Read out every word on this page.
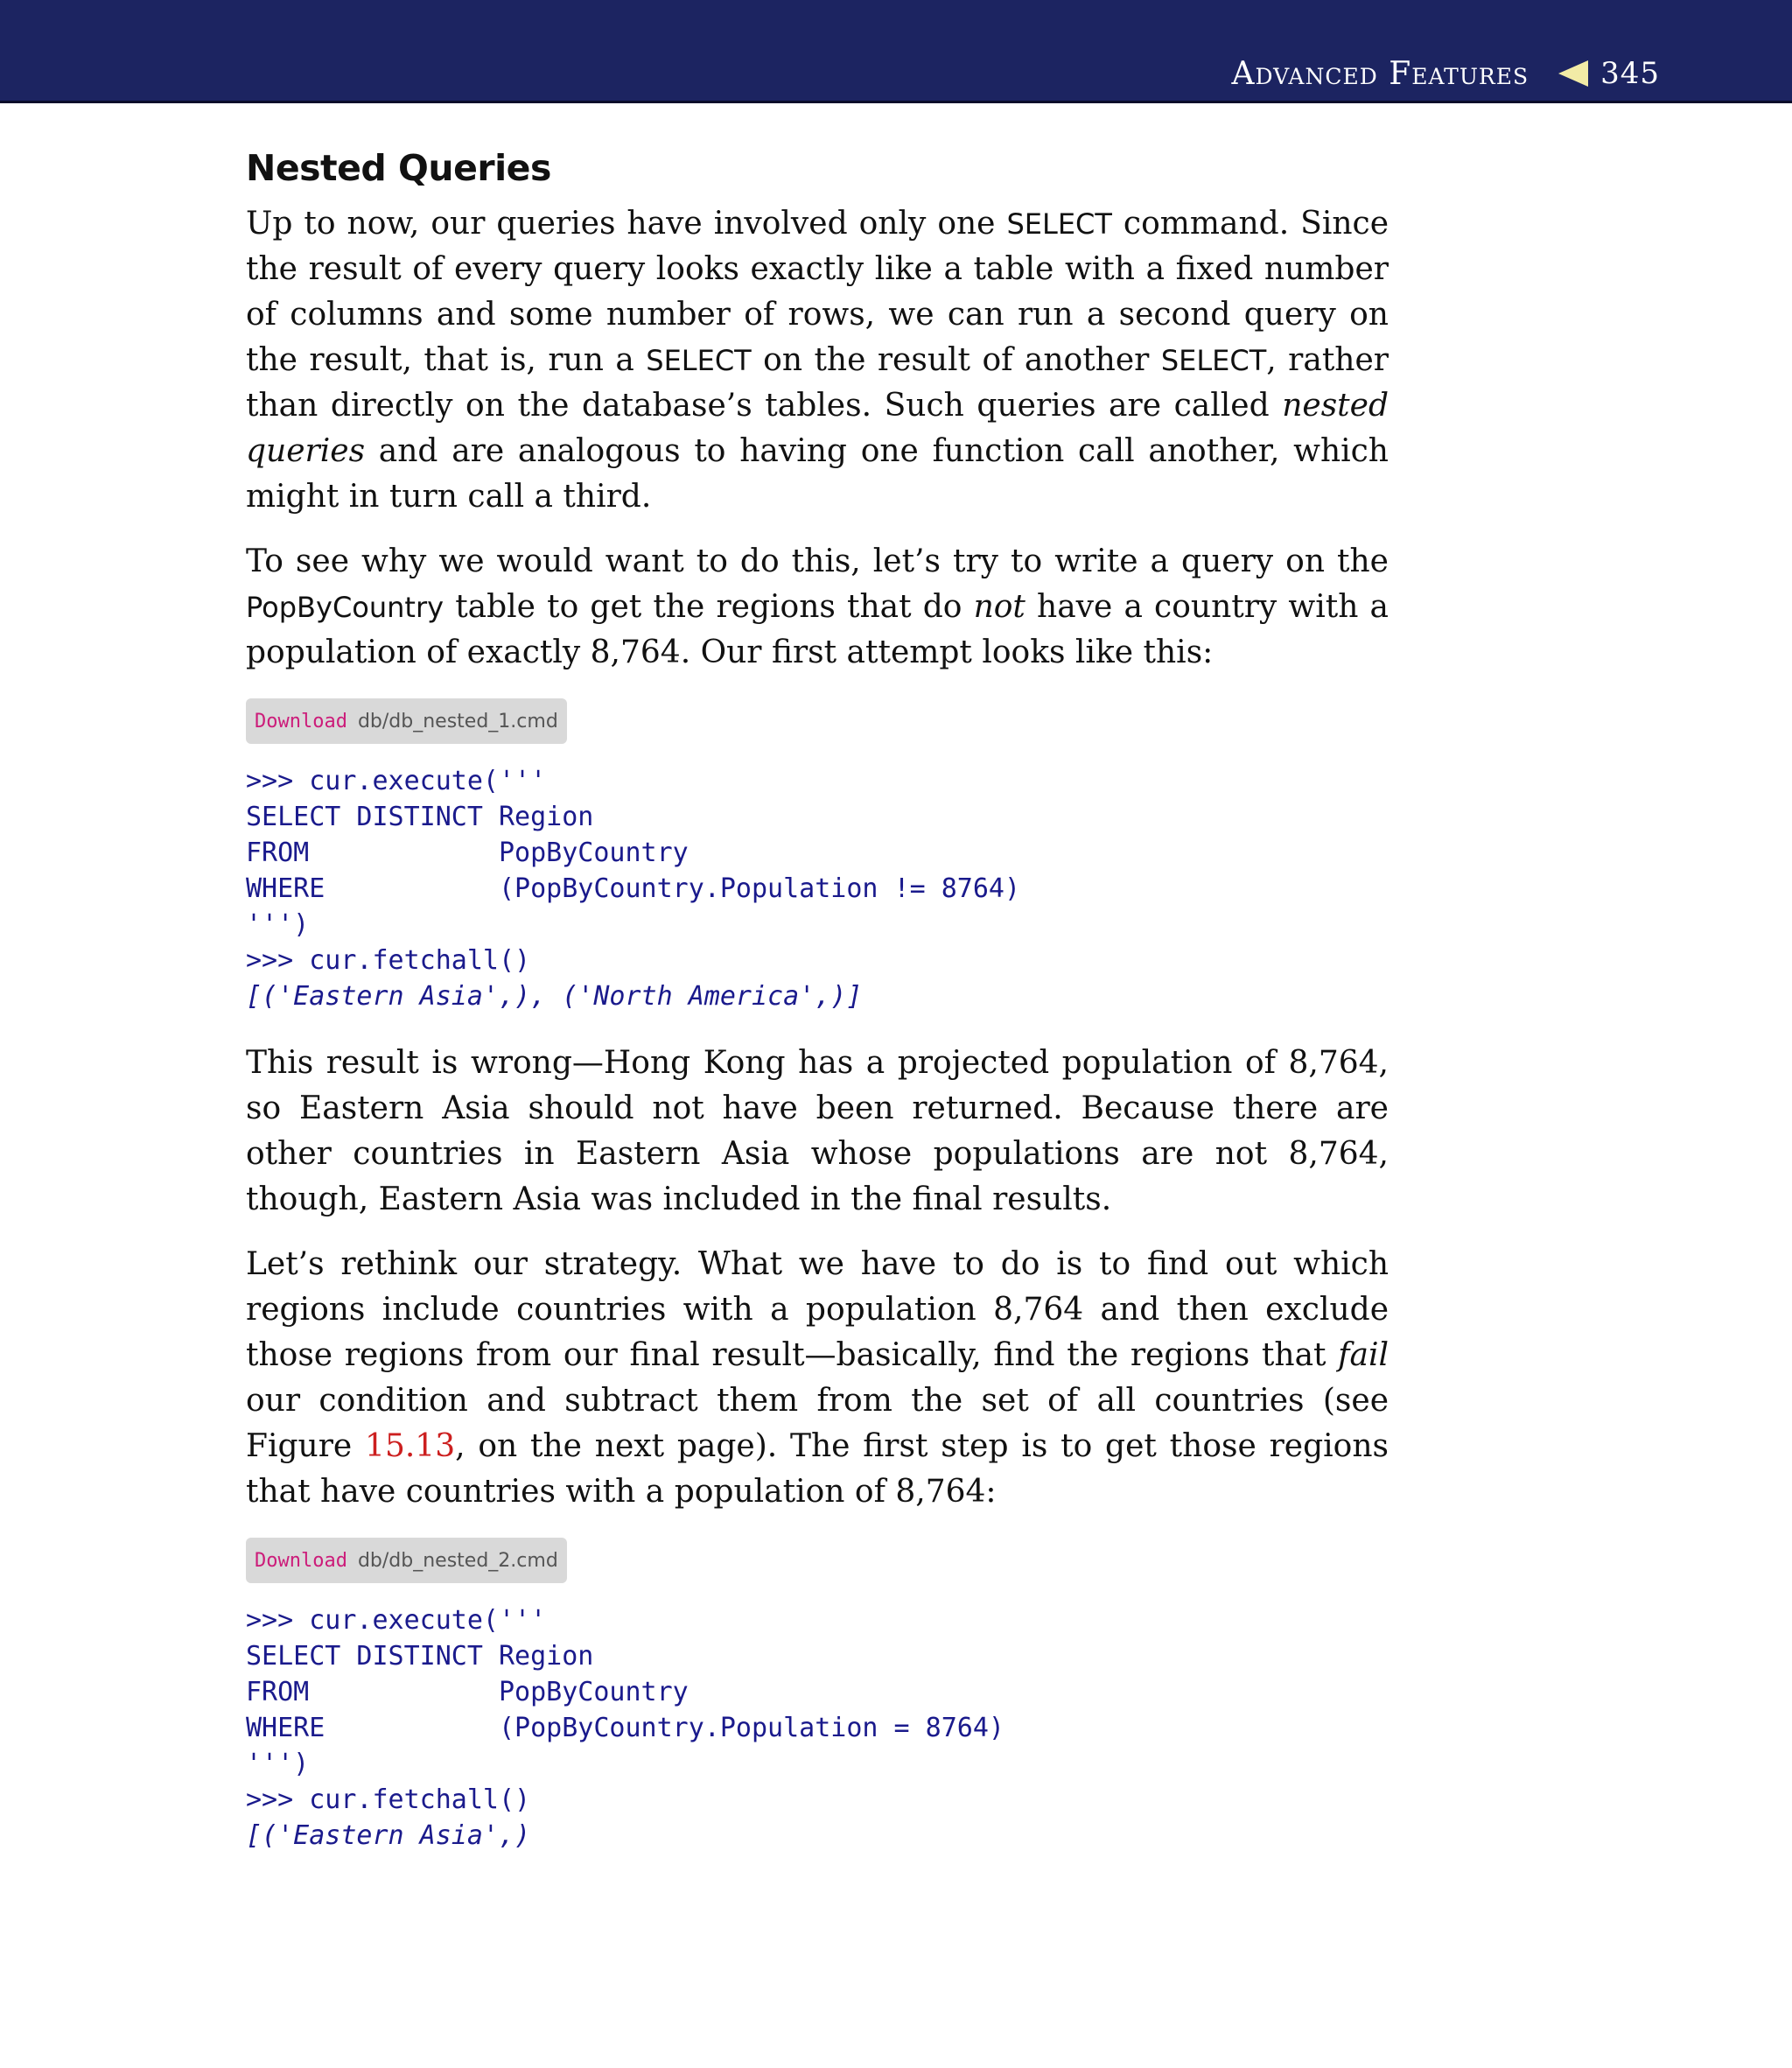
Advanced Features 345
Nested Queries

Up to now, our queries have involved only one SELECT command. Since the result of every query looks exactly like a table with a fixed number of columns and some number of rows, we can run a second query on the result, that is, run a SELECT on the result of another SELECT, rather than directly on the database’s tables. Such queries are called nested queries and are analogous to having one function call another, which might in turn call a third.

To see why we would want to do this, let’s try to write a query on the PopByCountry table to get the regions that do not have a country with a population of exactly 8,764. Our first attempt looks like this:

Download db/db_nested_1.cmd
>>> cur.execute('''
SELECT DISTINCT Region
FROM            PopByCountry
WHERE           (PopByCountry.Population != 8764)
''')
>>> cur.fetchall()
[('Eastern Asia',), ('North America',)]

This result is wrong—Hong Kong has a projected population of 8,764, so Eastern Asia should not have been returned. Because there are other countries in Eastern Asia whose populations are not 8,764, though, Eastern Asia was included in the final results.

Let’s rethink our strategy. What we have to do is to find out which regions include countries with a population 8,764 and then exclude those regions from our final result—basically, find the regions that fail our condition and subtract them from the set of all countries (see Figure 15.13, on the next page). The first step is to get those regions that have countries with a population of 8,764:

Download db/db_nested_2.cmd
>>> cur.execute('''
SELECT DISTINCT Region
FROM            PopByCountry
WHERE           (PopByCountry.Population = 8764)
''')
>>> cur.fetchall()
[('Eastern Asia',)
